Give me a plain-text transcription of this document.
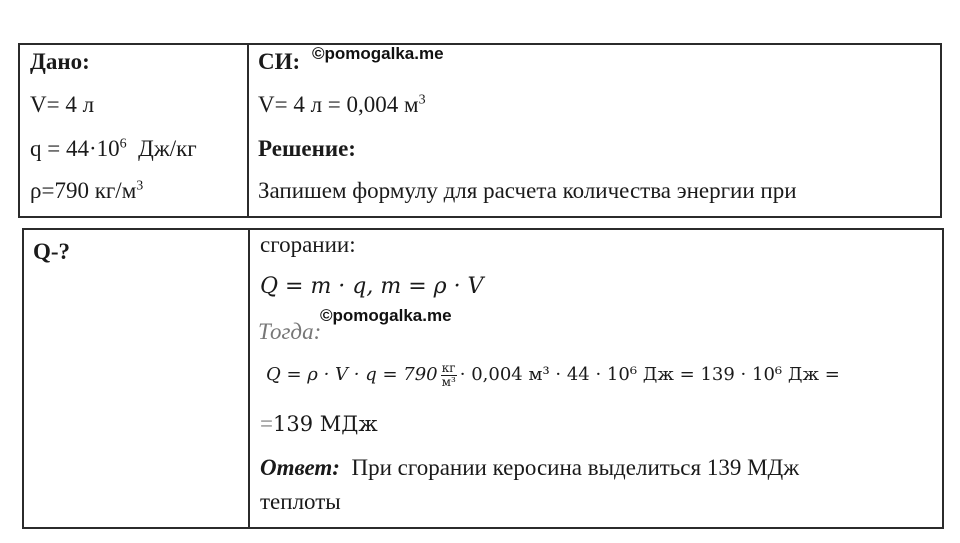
Дано:
V= 4 л
$q = 44\cdot 10^6$ Дж/кг
ρ=790 $кг/м^3$
СИ: ©pomogalka.me
V= 4 л = 0,004 $м^3$
Решение:
Запишем формулу для расчета количества энергии при
Q-?	сгорании:
Q = m · q, m = ρ · V
Тогда:
©pomogalka.me
$Q = \rho \cdot V \cdot q = 790 \frac{кг}{\text{м³}} \cdot 0,004$ м³ · 44 · 10⁶ Дж = 139 · 10⁶ Дж =
=139 МДж
Ответ: При сгорании керосина выделиться 139 МДж
теплоты
